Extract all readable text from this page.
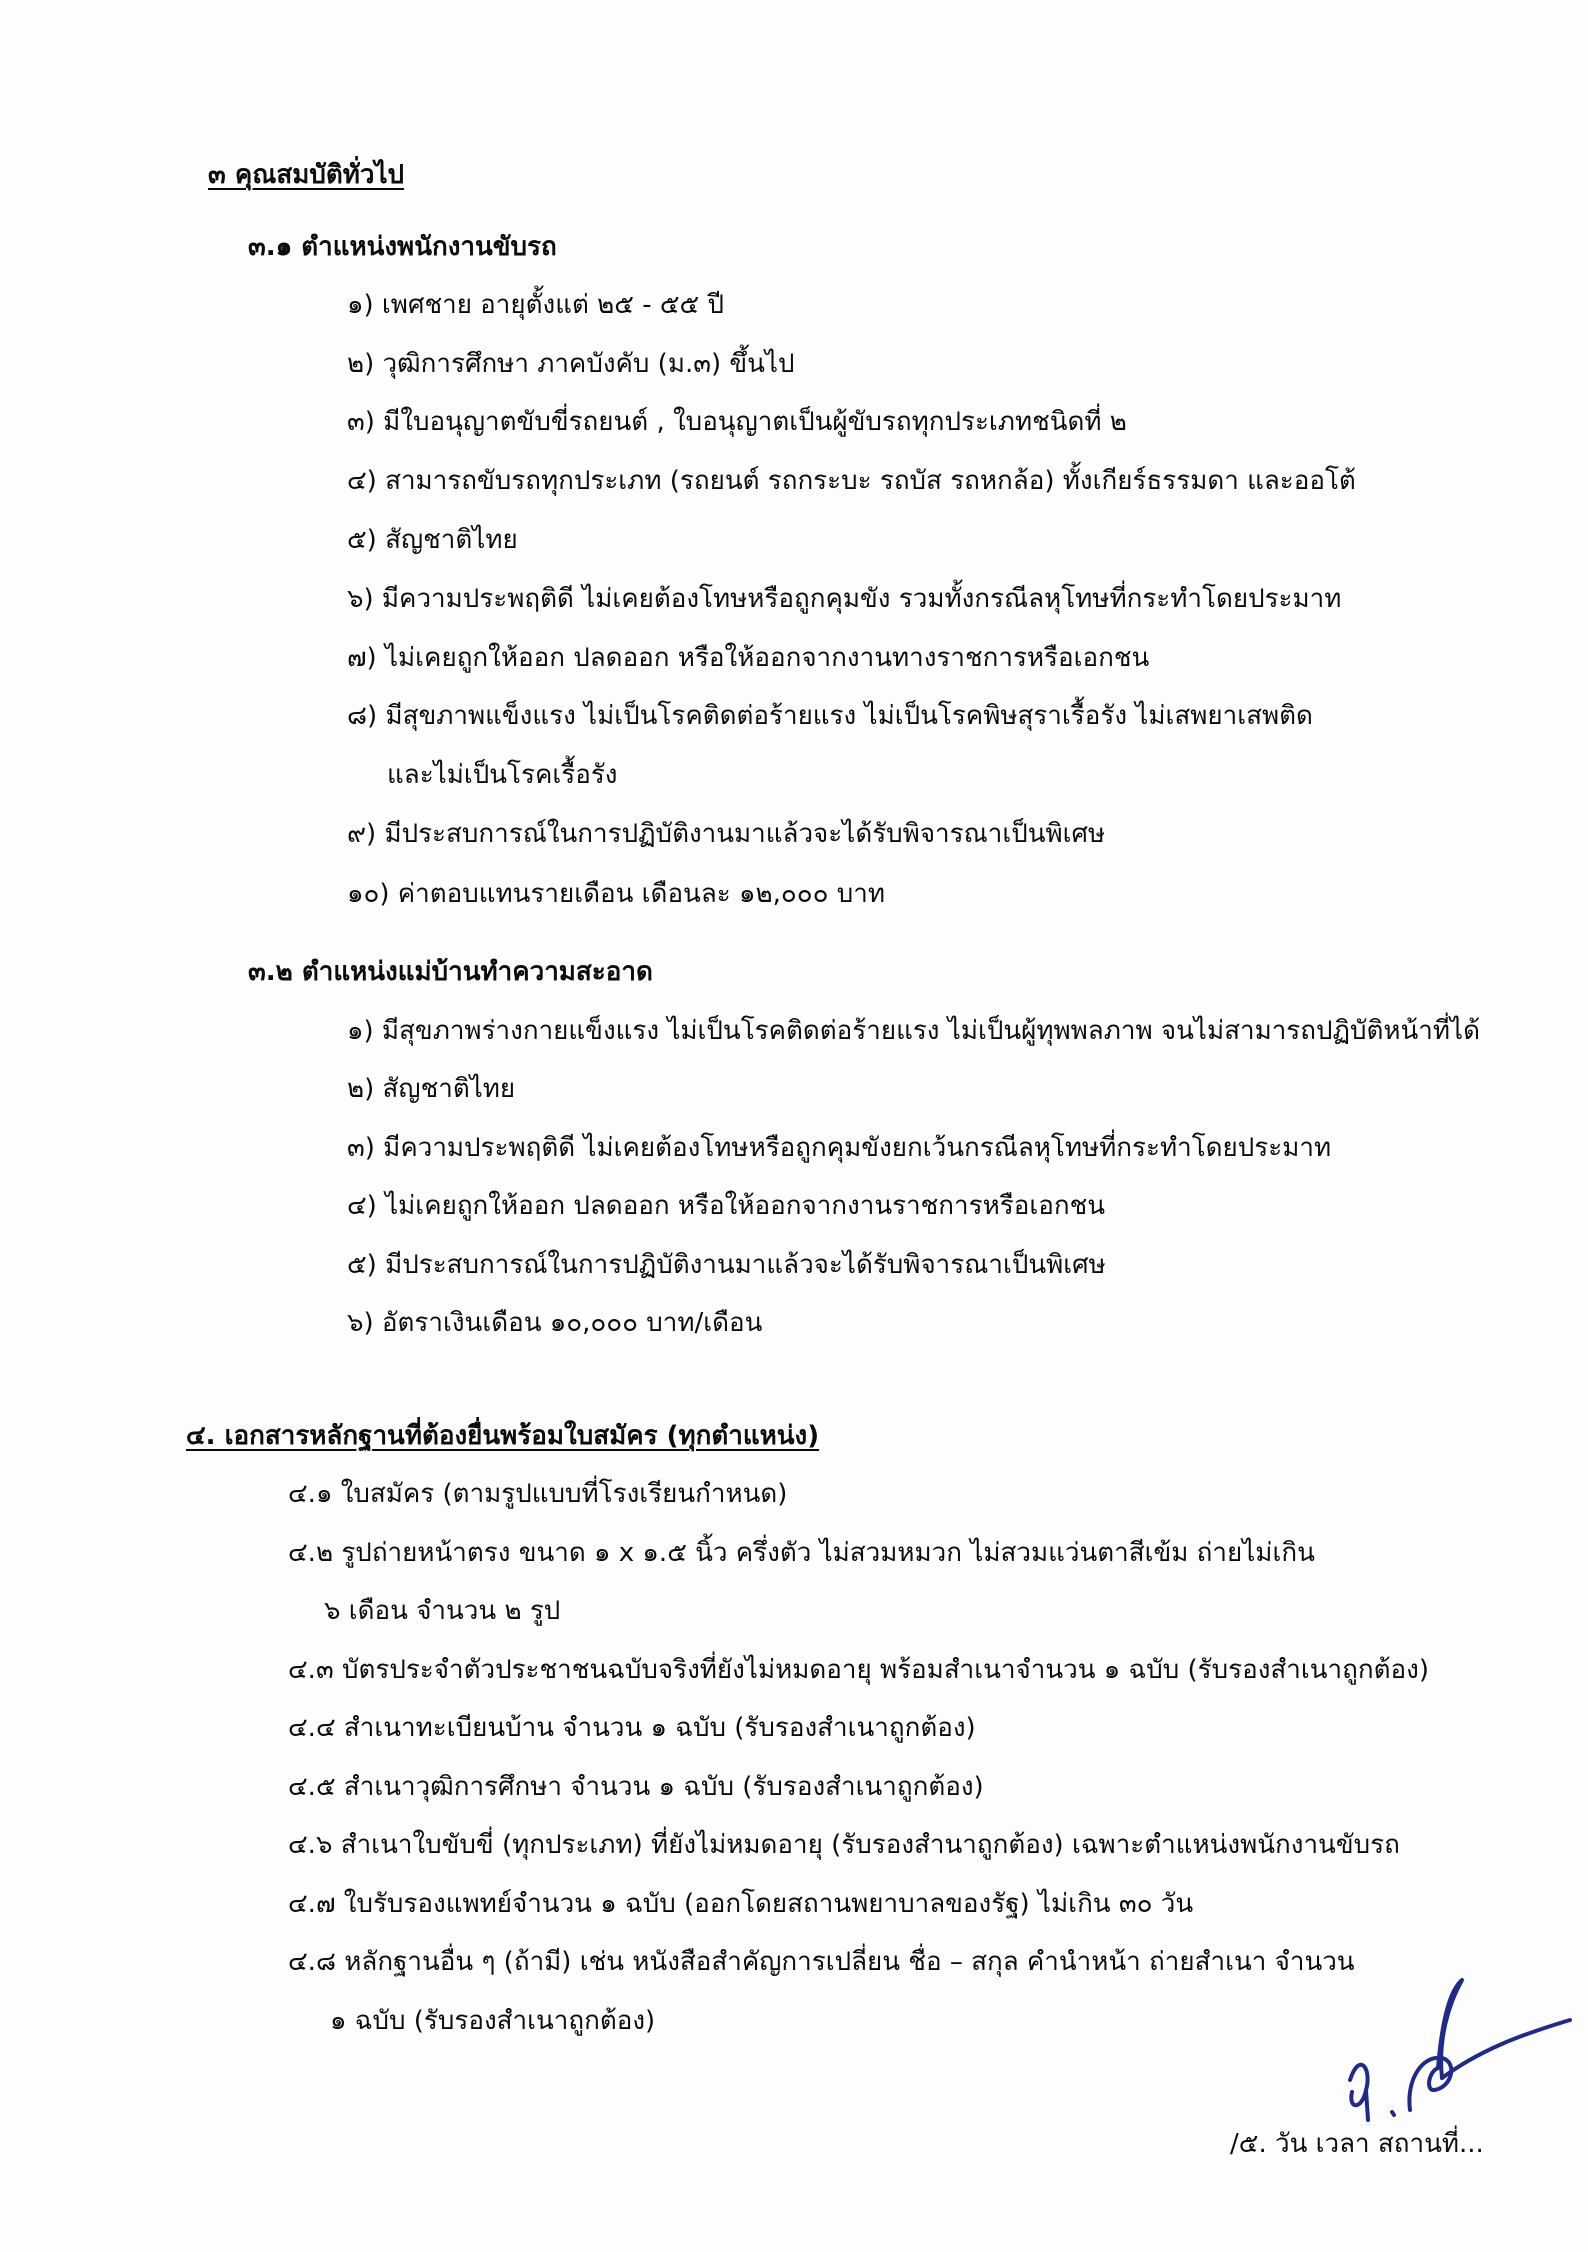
๓ คุณสมบัติทั่วไป
๓.๑ ตำแหน่งพนักงานขับรถ
๑) เพศชาย อายุตั้งแต่ ๒๕ - ๕๕ ปี
๒) วุฒิการศึกษา ภาคบังคับ (ม.๓) ขึ้นไป
๓) มีใบอนุญาตขับขี่รถยนต์ , ใบอนุญาตเป็นผู้ขับรถทุกประเภทชนิดที่ ๒
๔) สามารถขับรถทุกประเภท (รถยนต์ รถกระบะ รถบัส รถหกล้อ) ทั้งเกียร์ธรรมดา และออโต้
๕) สัญชาติไทย
๖) มีความประพฤติดี ไม่เคยต้องโทษหรือถูกคุมขัง รวมทั้งกรณีลหุโทษที่กระทำโดยประมาท
๗) ไม่เคยถูกให้ออก ปลดออก หรือให้ออกจากงานทางราชการหรือเอกชน
๘) มีสุขภาพแข็งแรง ไม่เป็นโรคติดต่อร้ายแรง ไม่เป็นโรคพิษสุราเรื้อรัง ไม่เสพยาเสพติด
และไม่เป็นโรคเรื้อรัง
๙) มีประสบการณ์ในการปฏิบัติงานมาแล้วจะได้รับพิจารณาเป็นพิเศษ
๑๐) ค่าตอบแทนรายเดือน เดือนละ ๑๒,๐๐๐ บาท
๓.๒ ตำแหน่งแม่บ้านทำความสะอาด
๑) มีสุขภาพร่างกายแข็งแรง ไม่เป็นโรคติดต่อร้ายแรง ไม่เป็นผู้ทุพพลภาพ จนไม่สามารถปฏิบัติหน้าที่ได้
๒) สัญชาติไทย
๓) มีความประพฤติดี ไม่เคยต้องโทษหรือถูกคุมขังยกเว้นกรณีลหุโทษที่กระทำโดยประมาท
๔) ไม่เคยถูกให้ออก ปลดออก หรือให้ออกจากงานราชการหรือเอกชน
๕) มีประสบการณ์ในการปฏิบัติงานมาแล้วจะได้รับพิจารณาเป็นพิเศษ
๖) อัตราเงินเดือน ๑๐,๐๐๐ บาท/เดือน
๔. เอกสารหลักฐานที่ต้องยื่นพร้อมใบสมัคร (ทุกตำแหน่ง)
๔.๑ ใบสมัคร (ตามรูปแบบที่โรงเรียนกำหนด)
๔.๒ รูปถ่ายหน้าตรง ขนาด ๑ x ๑.๕ นิ้ว ครึ่งตัว ไม่สวมหมวก ไม่สวมแว่นตาสีเข้ม ถ่ายไม่เกิน
๖ เดือน จำนวน ๒ รูป
๔.๓ บัตรประจำตัวประชาชนฉบับจริงที่ยังไม่หมดอายุ พร้อมสำเนาจำนวน ๑ ฉบับ (รับรองสำเนาถูกต้อง)
๔.๔ สำเนาทะเบียนบ้าน จำนวน ๑ ฉบับ (รับรองสำเนาถูกต้อง)
๔.๕ สำเนาวุฒิการศึกษา จำนวน ๑ ฉบับ (รับรองสำเนาถูกต้อง)
๔.๖ สำเนาใบขับขี่ (ทุกประเภท) ที่ยังไม่หมดอายุ (รับรองสำนาถูกต้อง) เฉพาะตำแหน่งพนักงานขับรถ
๔.๗ ใบรับรองแพทย์จำนวน ๑ ฉบับ (ออกโดยสถานพยาบาลของรัฐ) ไม่เกิน ๓๐ วัน
๔.๘ หลักฐานอื่น ๆ (ถ้ามี) เช่น หนังสือสำคัญการเปลี่ยน ชื่อ – สกุล คำนำหน้า ถ่ายสำเนา จำนวน
๑ ฉบับ (รับรองสำเนาถูกต้อง)
/๕. วัน เวลา สถานที่...
